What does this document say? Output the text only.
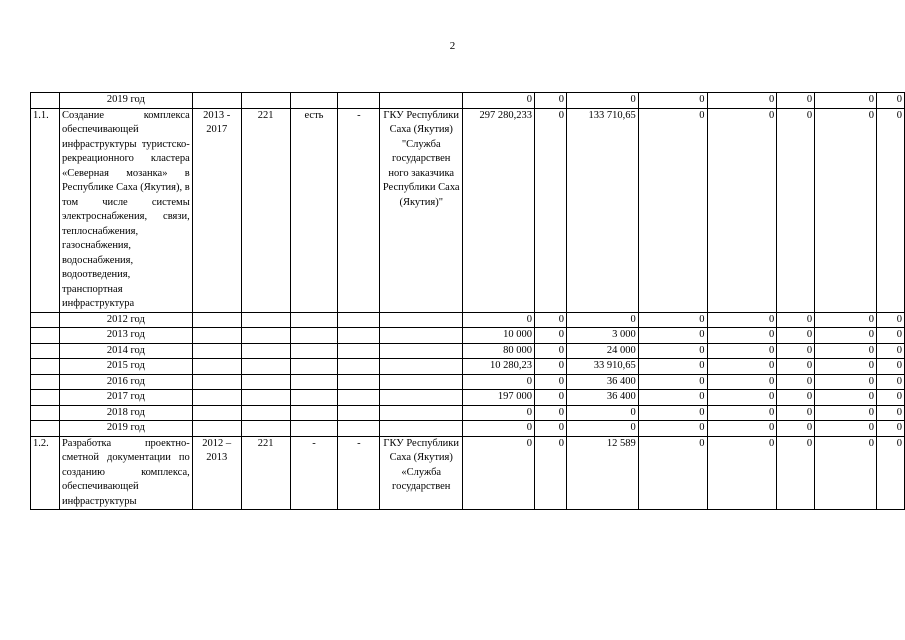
2
	2019 год						0	0	0	0	0	0	0	0
1.1.	Создание комплекса обеспечивающей инфраструктуры туристско-рекреационного кластера «Северная мозанка» в Республике Саха (Якутия), в том числе системы электроснабжения, связи, теплоснабжения, газоснабжения, водоснабжения, водоотведения, транспортная инфраструктура	2013 - 2017	221	есть	-	ГКУ Республики Саха (Якутия) "Служба государствен ного заказчика Республики Саха (Якутия)"	297 280,233	0	133 710,65	0	0	0	0	0
	2012 год						0	0	0	0	0	0	0	0
	2013 год						10 000	0	3 000	0	0	0	0	0
	2014 год						80 000	0	24 000	0	0	0	0	0
	2015 год						10 280,23	0	33 910,65	0	0	0	0	0
	2016 год						0	0	36 400	0	0	0	0	0
	2017 год						197 000	0	36 400	0	0	0	0	0
	2018 год						0	0	0	0	0	0	0	0
	2019 год						0	0	0	0	0	0	0	0
1.2.	Разработка проектно-сметной документации по созданию комплекса, обеспечивающей инфраструктуры	2012 – 2013	221	-	-	ГКУ Республики Саха (Якутия) «Служба государствен	0	0	12 589	0	0	0	0	0
